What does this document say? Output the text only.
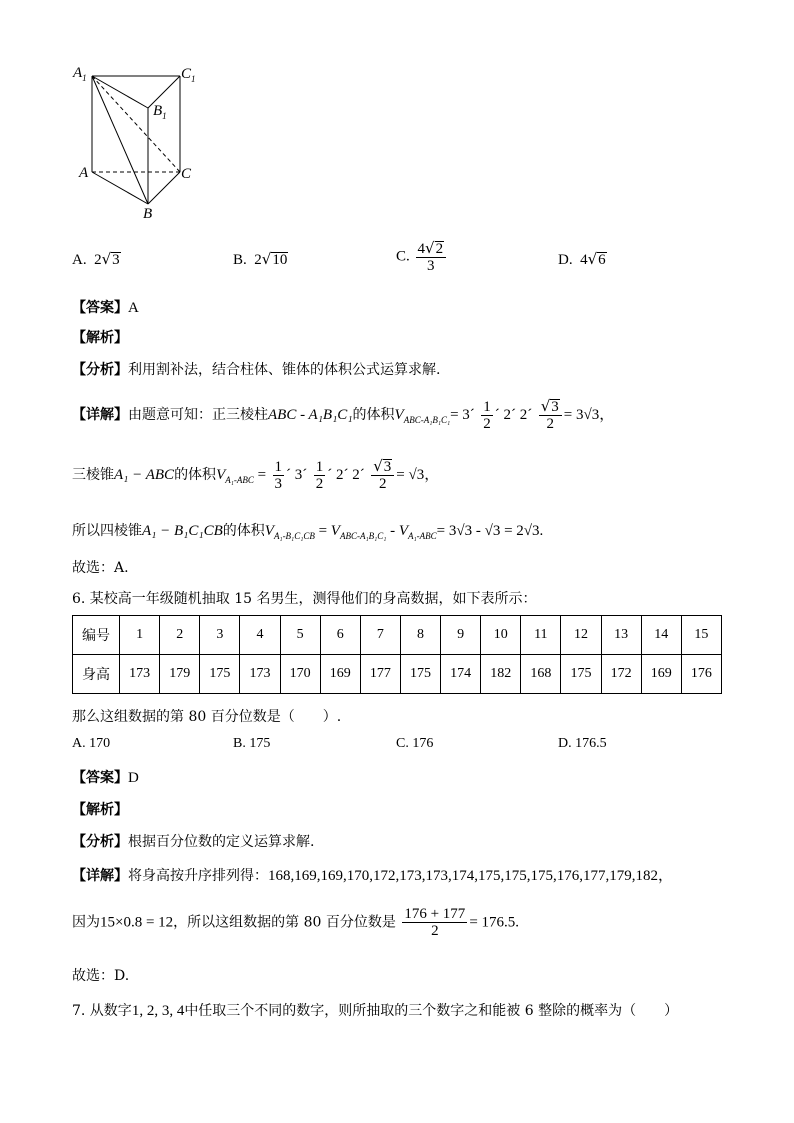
$A_1$	$C_1$
$B_1$
A	C
B
A. 2√3	B. 2√10	C. $\frac{4√2}{3}$	D. 4√6
【答案】A
【解析】
【分析】利用割补法，结合柱体、锥体的体积公式运算求解.
【详解】由题意可知：正三棱柱ABC - A₁B₁C₁的体积$V_{ABC-A_1B_1C_1}=$ 3´ $\frac{1}{2}$ ´ 2´ 2´ $\frac{√3}{2} = 3√3$，
三棱锥A₁ − ABC的体积$V_{A_1-ABC} = \frac{1}{3}$ ´ 3´ $\frac{1}{2}$ ´ 2´ 2´ $\frac{√3}{2} = √3$，
所以四棱锥A₁ − B₁C₁CB的体积$V_{A_1-B_1C_1CB} = V_{ABC-A_1B_1C_1} - V_{A_1-ABC}= 3√3 - √3 = 2√3$.
故选：A.
6. 某校高一年级随机抽取 15 名男生，测得他们的身高数据，如下表所示：
编号	1	2	3	4	5	6	7	8	9	10	11	12	13	14	15
身高	173	179	175	173	170	169	177	175	174	182	168	175	172	169	176
那么这组数据的第 80 百分位数是（　　）.
A. 170	B. 175	C. 176	D. 176.5
【答案】D
【解析】
【分析】根据百分位数的定义运算求解.
【详解】将身高按升序排列得：168,169,169,170,172,173,173,174,175,175,175,176,177,179,182，
因为15×0.8 = 12，所以这组数据的第 80 百分位数是 $\frac{176 + 177}{2} = 176.5$.
故选：D.
7. 从数字1, 2, 3, 4中任取三个不同的数字，则所抽取的三个数字之和能被 6 整除的概率为（　　）
